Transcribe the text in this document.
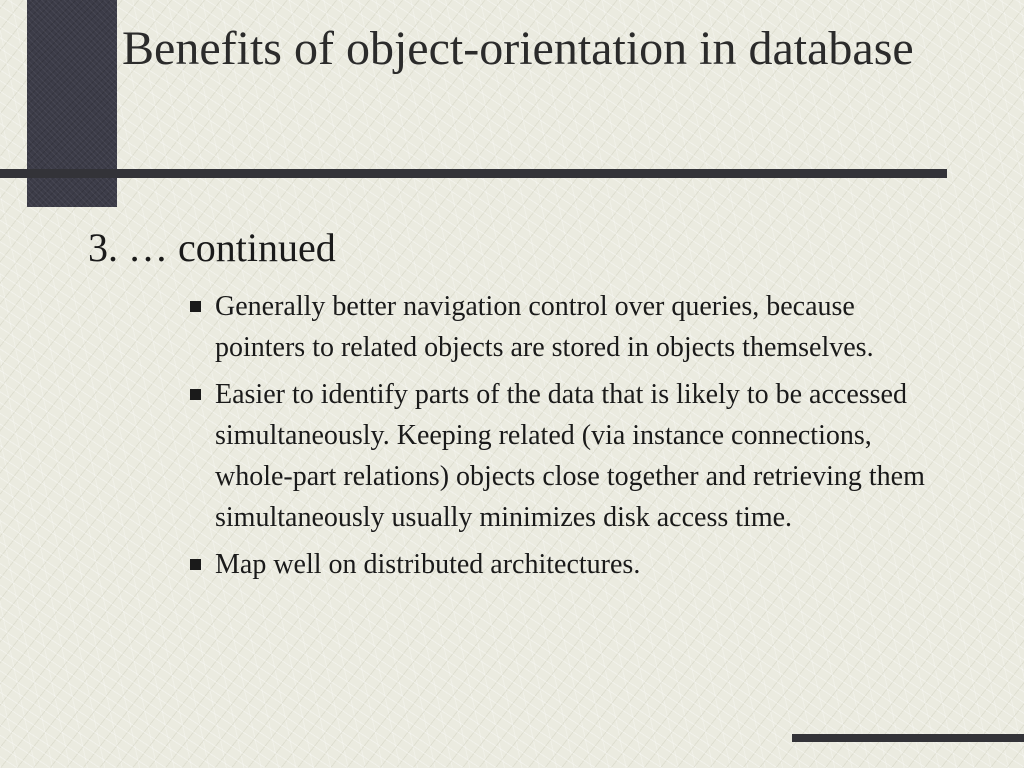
Benefits of object-orientation in database
3. … continued
Generally better navigation control over queries, because pointers to related objects are stored in objects themselves.
Easier to identify parts of the data that is likely to be accessed simultaneously. Keeping related (via instance connections, whole-part relations) objects close together and retrieving them simultaneously usually minimizes disk access time.
Map well on distributed architectures.
